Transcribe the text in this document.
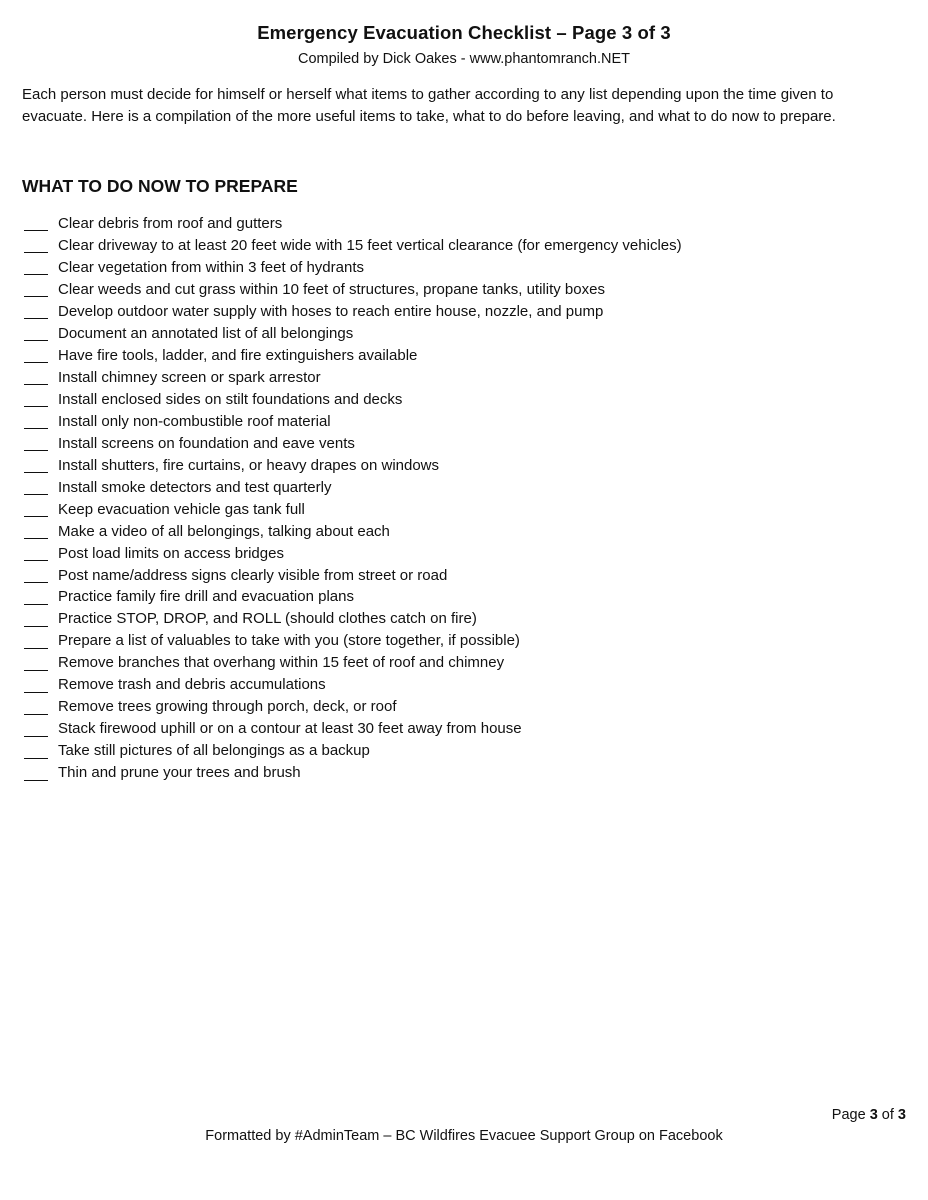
Emergency Evacuation Checklist – Page 3 of 3
Compiled by Dick Oakes - www.phantomranch.NET
Each person must decide for himself or herself what items to gather according to any list depending upon the time given to evacuate. Here is a compilation of the more useful items to take, what to do before leaving, and what to do now to prepare.
WHAT TO DO NOW TO PREPARE
Clear debris from roof and gutters
Clear driveway to at least 20 feet wide with 15 feet vertical clearance (for emergency vehicles)
Clear vegetation from within 3 feet of hydrants
Clear weeds and cut grass within 10 feet of structures, propane tanks, utility boxes
Develop outdoor water supply with hoses to reach entire house, nozzle, and pump
Document an annotated list of all belongings
Have fire tools, ladder, and fire extinguishers available
Install chimney screen or spark arrestor
Install enclosed sides on stilt foundations and decks
Install only non-combustible roof material
Install screens on foundation and eave vents
Install shutters, fire curtains, or heavy drapes on windows
Install smoke detectors and test quarterly
Keep evacuation vehicle gas tank full
Make a video of all belongings, talking about each
Post load limits on access bridges
Post name/address signs clearly visible from street or road
Practice family fire drill and evacuation plans
Practice STOP, DROP, and ROLL (should clothes catch on fire)
Prepare a list of valuables to take with you (store together, if possible)
Remove branches that overhang within 15 feet of roof and chimney
Remove trash and debris accumulations
Remove trees growing through porch, deck, or roof
Stack firewood uphill or on a contour at least 30 feet away from house
Take still pictures of all belongings as a backup
Thin and prune your trees and brush
Page 3 of 3
Formatted by #AdminTeam – BC Wildfires Evacuee Support Group on Facebook
